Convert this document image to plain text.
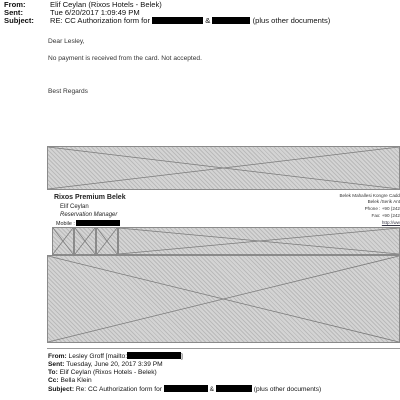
From:	Elif Ceylan (Rixos Hotels - Belek)
Sent:	Tue 6/20/2017 1:09:49 PM
Subject: RE: CC Authorization form for	&	(plus other documents)
Dear Lesley,
No payment is received from the card. Not accepted.
Best Regards
Rixos Premium Belek
Elif Ceylan
Reservation Manager
Mobile :
Belek Mahallesi Kongre Cadd
Belek /Serik Ant
Phone : +90 (242
Fax: +90 (242
http://ww
From: Lesley Groff [mailto:	]
Sent: Tuesday, June 20, 2017 3:39 PM
To: Elif Ceylan (Rixos Hotels - Belek)
Cc: Bella Klein
Subject: Re: CC Authorization form for	&	(plus other documents)
